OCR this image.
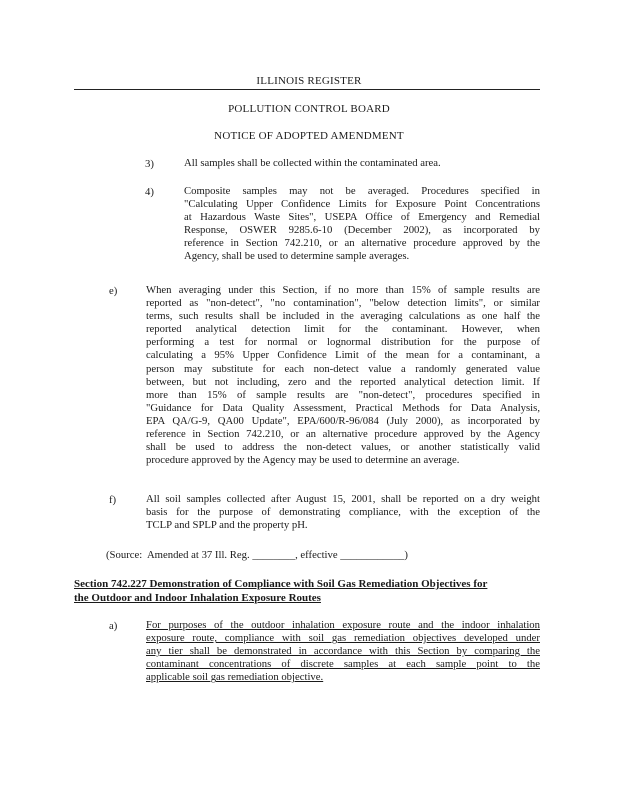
ILLINOIS REGISTER
POLLUTION CONTROL BOARD
NOTICE OF ADOPTED AMENDMENT
3)	All samples shall be collected within the contaminated area.
4)	Composite samples may not be averaged. Procedures specified in
"Calculating Upper Confidence Limits for Exposure Point Concentrations
at Hazardous Waste Sites", USEPA Office of Emergency and Remedial
Response, OSWER 9285.6-10 (December 2002), as incorporated by
reference in Section 742.210, or an alternative procedure approved by the
Agency, shall be used to determine sample averages.
e)	When averaging under this Section, if no more than 15% of sample results are
reported as "non-detect", "no contamination", "below detection limits", or similar
terms, such results shall be included in the averaging calculations as one half the
reported analytical detection limit for the contaminant. However, when
performing a test for normal or lognormal distribution for the purpose of
calculating a 95% Upper Confidence Limit of the mean for a contaminant, a
person may substitute for each non-detect value a randomly generated value
between, but not including, zero and the reported analytical detection limit. If
more than 15% of sample results are "non-detect", procedures specified in
"Guidance for Data Quality Assessment, Practical Methods for Data Analysis,
EPA QA/G-9, QA00 Update", EPA/600/R-96/084 (July 2000), as incorporated by
reference in Section 742.210, or an alternative procedure approved by the Agency
shall be used to address the non-detect values, or another statistically valid
procedure approved by the Agency may be used to determine an average.
f)	All soil samples collected after August 15, 2001, shall be reported on a dry weight
basis for the purpose of demonstrating compliance, with the exception of the
TCLP and SPLP and the property pH.
(Source:  Amended at 37 Ill. Reg. ________, effective ____________)
Section 742.227 Demonstration of Compliance with Soil Gas Remediation Objectives for
the Outdoor and Indoor Inhalation Exposure Routes
a)	For purposes of the outdoor inhalation exposure route and the indoor inhalation
exposure route, compliance with soil gas remediation objectives developed under
any tier shall be demonstrated in accordance with this Section by comparing the
contaminant concentrations of discrete samples at each sample point to the
applicable soil gas remediation objective.
